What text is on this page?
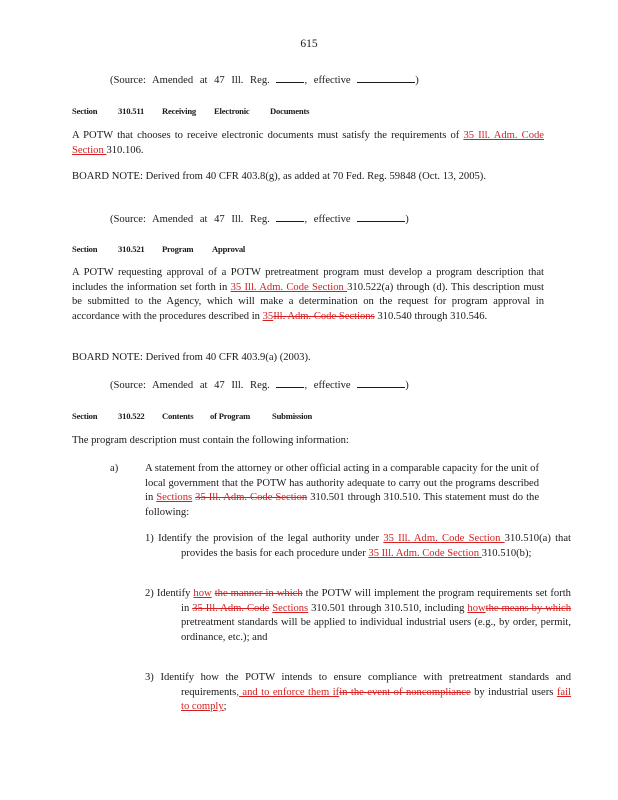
615
(Source: Amended at 47 Ill. Reg.	, effective	)
Section 310.511 Receiving Electronic Documents
A POTW that chooses to receive electronic documents must satisfy the requirements of 35 Ill. Adm. Code Section 310.106.
BOARD NOTE: Derived from 40 CFR 403.8(g), as added at 70 Fed. Reg. 59848 (Oct. 13, 2005).
(Source: Amended at 47 Ill. Reg.	, effective	)
Section 310.521 Program Approval
A POTW requesting approval of a POTW pretreatment program must develop a program description that includes the information set forth in 35 Ill. Adm. Code Section 310.522(a) through (d). This description must be submitted to the Agency, which will make a determination on the request for program approval in accordance with the procedures described in 35Ill. Adm. Code Sections 310.540 through 310.546.
BOARD NOTE: Derived from 40 CFR 403.9(a) (2003).
(Source: Amended at 47 Ill. Reg.	, effective	)
Section 310.522 Contents of Program	Submission
The program description must contain the following information:
a)	A statement from the attorney or other official acting in a comparable capacity for the unit of local government that the POTW has authority adequate to carry out the programs described in Sections 35 Ill. Adm. Code Section 310.501 through 310.510. This statement must do the following:
1) Identify the provision of the legal authority under 35 Ill. Adm. Code Section 310.510(a) that provides the basis for each procedure under 35 Ill. Adm. Code Section 310.510(b);
2) Identify how the manner in which the POTW will implement the program requirements set forth in 35 Ill. Adm. Code Sections 310.501 through 310.510, including howthe means by which pretreatment standards will be applied to individual industrial users (e.g., by order, permit, ordinance, etc.); and
3) Identify how the POTW intends to ensure compliance with pretreatment standards and requirements, and to enforce them ifin the event of noncompliance by industrial users fail to comply;
